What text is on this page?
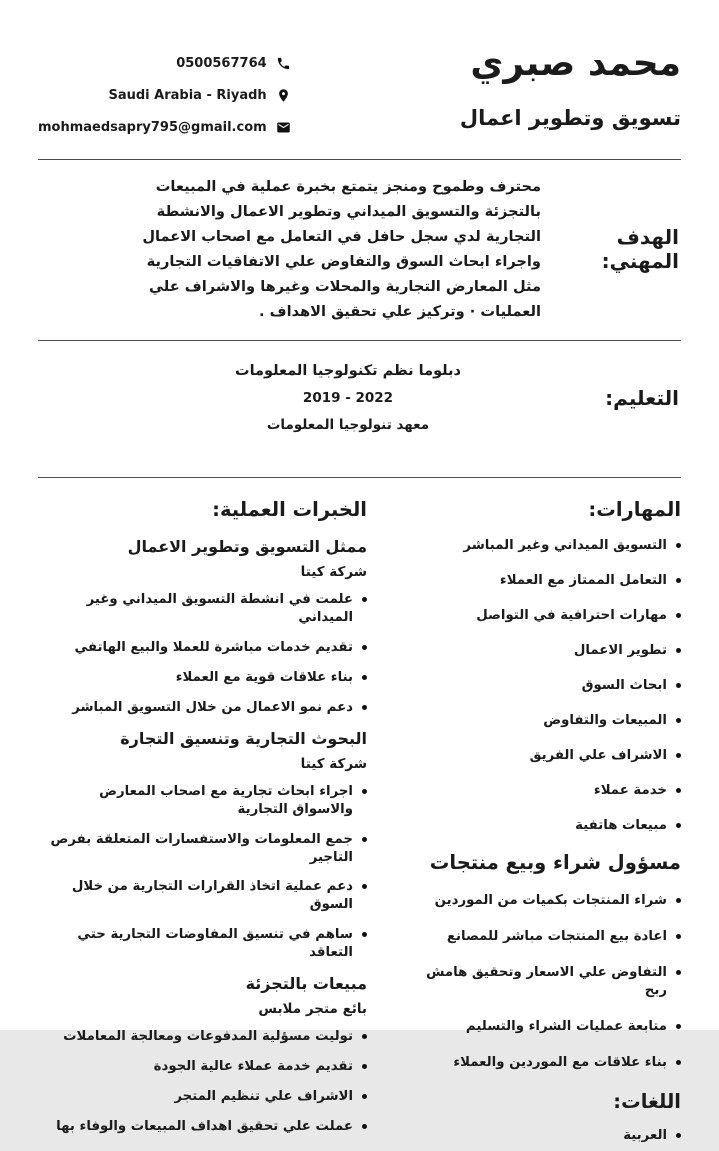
محمد صبري
تسويق وتطوير اعمال
0500567764
Saudi Arabia - Riyadh
mohmaedsapry795@gmail.com
الهدف المهني:
محترف وطموح ومنجز يتمتع بخبرة عملية في المبيعات بالتجزئة والتسويق الميداني وتطوير الاعمال والانشطة التجارية لدي سجل حافل في التعامل مع اصحاب الاعمال واجراء ابحاث السوق والتفاوض علي الاتفاقيات التجارية مثل المعارض التجارية والمحلات وغيرها والاشراف علي العمليات · وتركيز علي تحقيق الاهداف .
التعليم:
دبلوما نظم تكنولوجيا المعلومات
2019 - 2022
معهد تنولوجيا المعلومات
المهارات:
التسويق الميداني وغير المباشر
التعامل الممتاز مع العملاء
مهارات احترافية في التواصل
تطوير الاعمال
ابحاث السوق
المبيعات والتفاوض
الاشراف علي الفريق
خدمة عملاء
مبيعات هاتفية
مسؤول شراء وبيع منتجات
شراء المنتجات بكميات من الموردين
اعادة بيع المنتجات مباشر للمصانع
التفاوض علي الاسعار وتحقيق هامش ربح
متابعة عمليات الشراء والتسليم
بناء علاقات مع الموردين والعملاء
اللغات:
العربية
الخبرات العملية:
ممثل التسويق وتطوير الاعمال
شركة كيتا
علمت في انشطة التسويق الميداني وغير الميداني
تقديم خدمات مباشرة للعملا والبيع الهاتفي
بناء علاقات قوية مع العملاء
دعم نمو الاعمال من خلال التسويق المباشر
البحوث التجارية وتنسيق التجارة
شركة كيتا
اجراء ابحاث تجارية مع اصحاب المعارض والاسواق التجارية
جمع المعلومات والاستفسارات المتعلقة بفرص التاجير
دعم عملية اتخاذ القرارات التجارية من خلال السوق
ساهم في تنسيق المفاوضات التجارية حتي التعاقد
مبيعات بالتجزئة
بائع متجر ملابس
توليت مسؤلية المدفوعات ومعالجة المعاملات
تقديم خدمة عملاء عالية الجودة
الاشراف علي تنظيم المتجر
عملت علي تحقيق اهداف المبيعات والوفاء بها
